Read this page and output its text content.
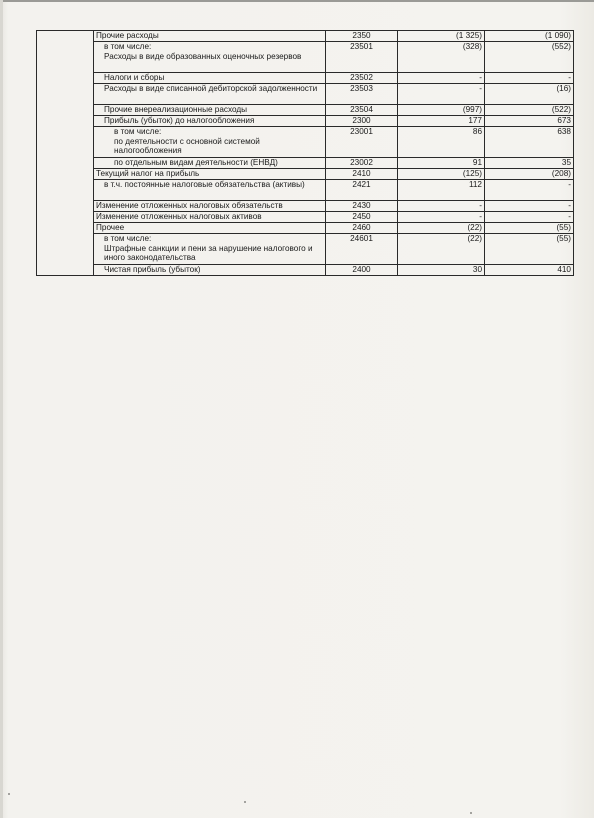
	Прочие расходы	2350	(1 325)	(1 090)

	в том числе:
Расходы в виде образованных оценочных резервов	23501	(328)	(552)
	Налоги и сборы	23502	-	-
	Расходы в виде списанной дебиторской задолженности	23503	-	(16)
	Прочие внереализационные расходы	23504	(997)	(522)
	Прибыль (убыток) до налогообложения	2300	177	673

	в том числе:
по деятельности с основной системой налогообложения	23001	86	638
	по отдельным видам деятельности (ЕНВД)	23002	91	35
	Текущий налог на прибыль	2410	(125)	(208)
	в т.ч. постоянные налоговые обязательства (активы)	2421	112	-
	Изменение отложенных налоговых обязательств	2430	-	-
	Изменение отложенных налоговых активов	2450	-	-
	Прочее	2460	(22)	(55)

	в том числе:
Штрафные санкции и пени за нарушение налогового и иного законодательства	24601	(22)	(55)
	Чистая прибыль (убыток)	2400	30	410
